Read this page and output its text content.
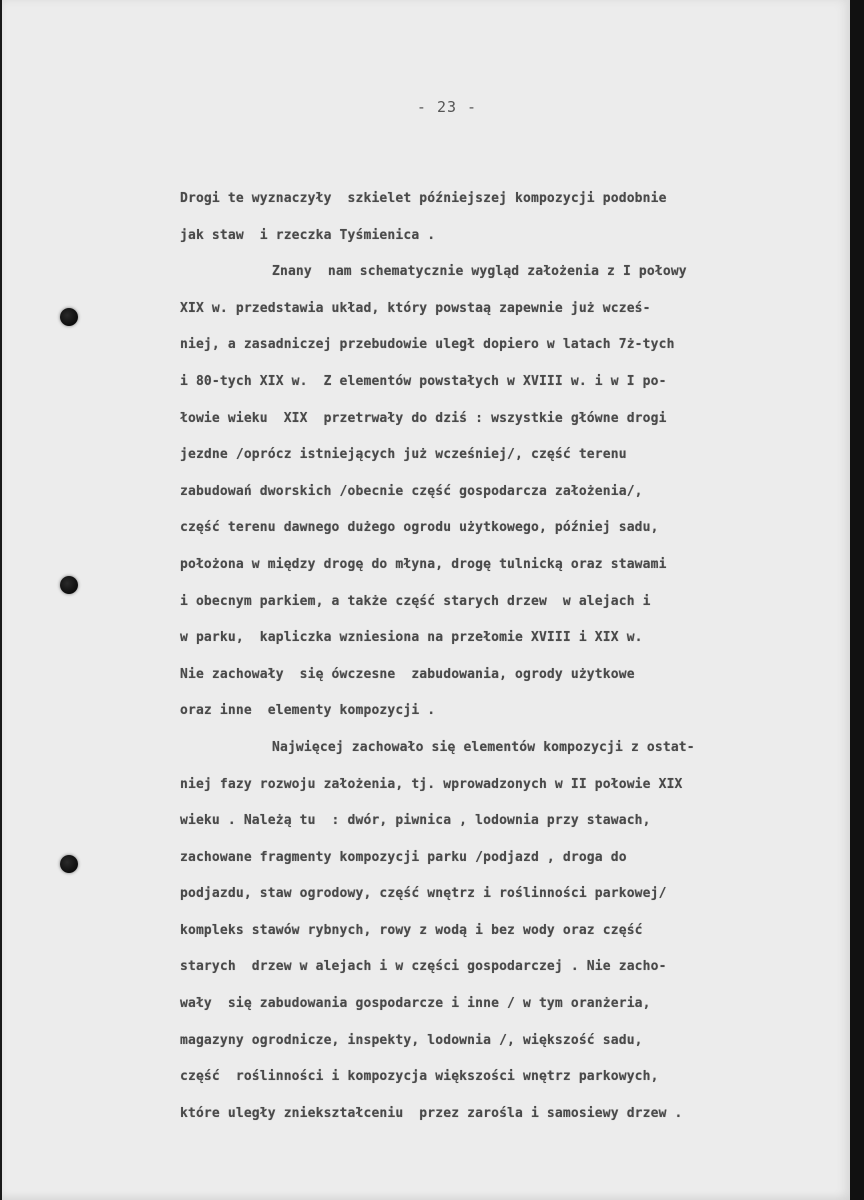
- 23 -
Drogi te wyznaczyły  szkielet późniejszej kompozycji podobnie
jak staw  i rzeczka Tyśmienica .
Znany  nam schematycznie wygląd założenia z I połowy
XIX w. przedstawia układ, który powstaą zapewnie już wcześ-
niej, a zasadniczej przebudowie uległ dopiero w latach 7ż-tych
i 80-tych XIX w.  Z elementów powstałych w XVIII w. i w I po-
łowie wieku  XIX  przetrwały do dziś : wszystkie główne drogi
jezdne /oprócz istniejących już wcześniej/, część terenu
zabudowań dworskich /obecnie część gospodarcza założenia/,
część terenu dawnego dużego ogrodu użytkowego, później sadu,
położona w między drogę do młyna, drogę tulnicką oraz stawami
i obecnym parkiem, a także część starych drzew  w alejach i
w parku,  kapliczka wzniesiona na przełomie XVIII i XIX w.
Nie zachowały  się ówczesne  zabudowania, ogrody użytkowe
oraz inne  elementy kompozycji .
Najwięcej zachowało się elementów kompozycji z ostat-
niej fazy rozwoju założenia, tj. wprowadzonych w II połowie XIX
wieku . Należą tu  : dwór, piwnica , lodownia przy stawach,
zachowane fragmenty kompozycji parku /podjazd , droga do
podjazdu, staw ogrodowy, część wnętrz i roślinności parkowej/
kompleks stawów rybnych, rowy z wodą i bez wody oraz część
starych  drzew w alejach i w części gospodarczej . Nie zacho-
wały  się zabudowania gospodarcze i inne / w tym oranżeria,
magazyny ogrodnicze, inspekty, lodownia /, większość sadu,
część  roślinności i kompozycja większości wnętrz parkowych,
które uległy zniekształceniu  przez zarośla i samosiewy drzew .
